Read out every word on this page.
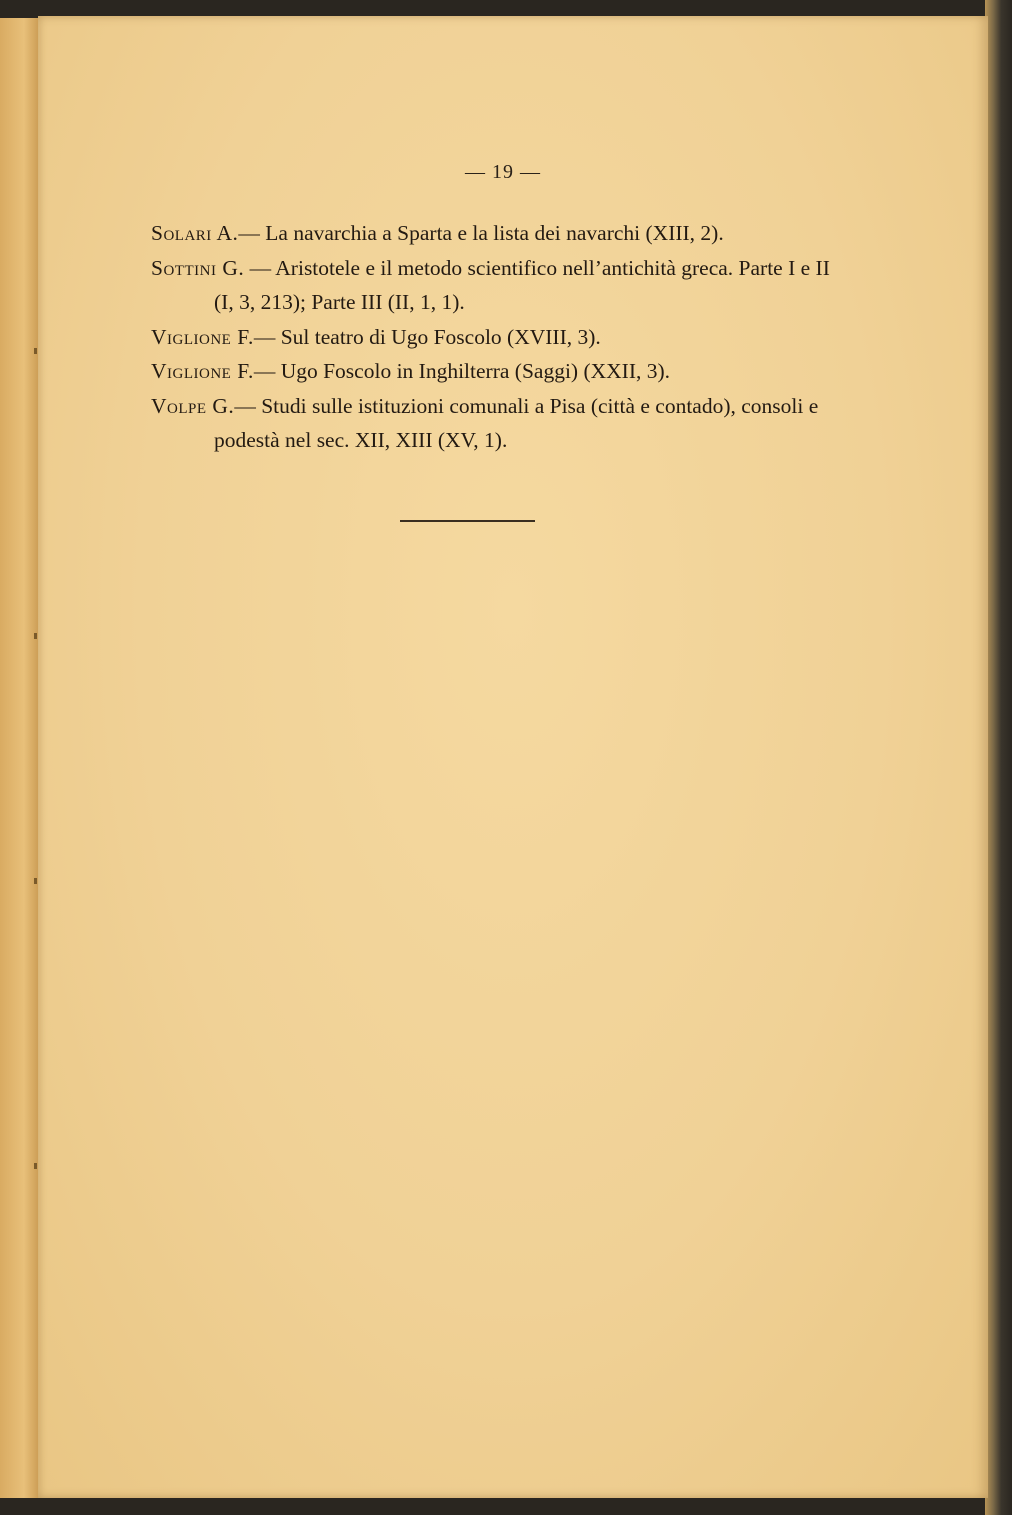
— 19 —

Solari A.— La navarchia a Sparta e la lista dei navarchi (XIII, 2).

Sottini G. — Aristotele e il metodo scientifico nell’antichità greca. Parte I e II (I, 3, 213); Parte III (II, 1, 1).

Viglione F.— Sul teatro di Ugo Foscolo (XVIII, 3).

Viglione F.— Ugo Foscolo in Inghilterra (Saggi) (XXII, 3).

Volpe G.— Studi sulle istituzioni comunali a Pisa (città e contado), consoli e podestà nel sec. XII, XIII (XV, 1).
